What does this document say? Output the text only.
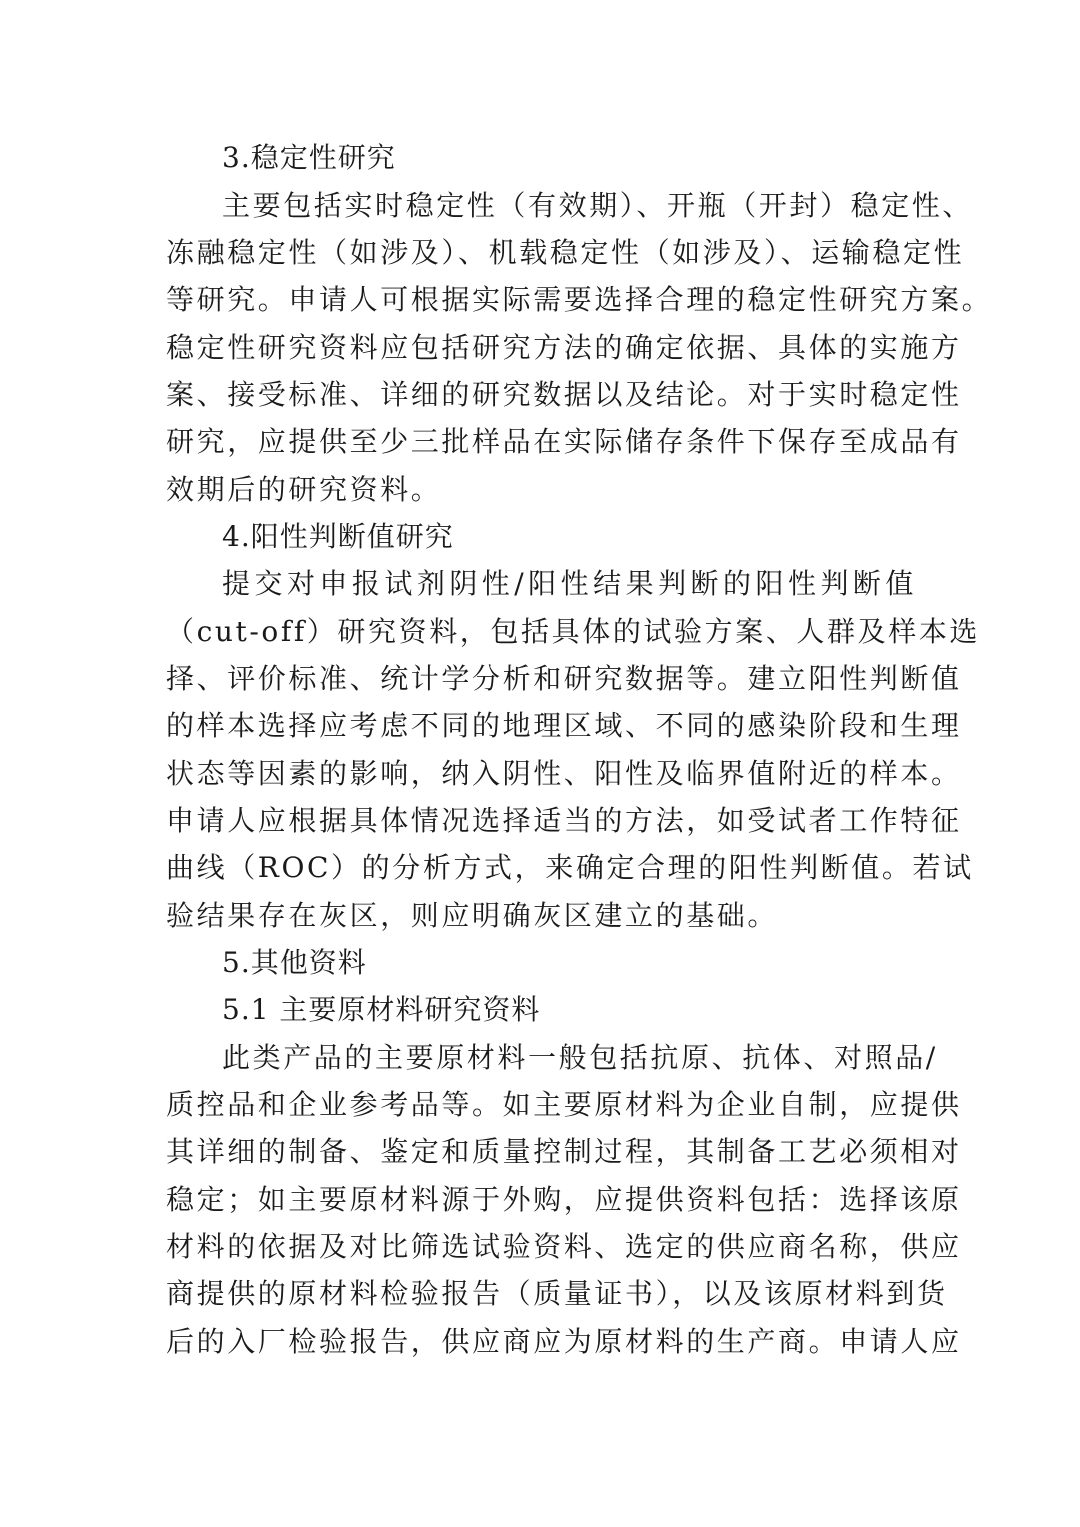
3.稳定性研究
主要包括实时稳定性（有效期）、开瓶（开封）稳定性、
冻融稳定性（如涉及）、机载稳定性（如涉及）、运输稳定性
等研究。申请人可根据实际需要选择合理的稳定性研究方案。
稳定性研究资料应包括研究方法的确定依据、具体的实施方
案、接受标准、详细的研究数据以及结论。对于实时稳定性
研究，应提供至少三批样品在实际储存条件下保存至成品有
效期后的研究资料。
4.阳性判断值研究
提交对申报试剂阴性/阳性结果判断的阳性判断值
（cut-off）研究资料，包括具体的试验方案、人群及样本选
择、评价标准、统计学分析和研究数据等。建立阳性判断值
的样本选择应考虑不同的地理区域、不同的感染阶段和生理
状态等因素的影响，纳入阴性、阳性及临界值附近的样本。
申请人应根据具体情况选择适当的方法，如受试者工作特征
曲线（ROC）的分析方式，来确定合理的阳性判断值。若试
验结果存在灰区，则应明确灰区建立的基础。
5.其他资料
5.1 主要原材料研究资料
此类产品的主要原材料一般包括抗原、抗体、对照品/
质控品和企业参考品等。如主要原材料为企业自制，应提供
其详细的制备、鉴定和质量控制过程，其制备工艺必须相对
稳定；如主要原材料源于外购，应提供资料包括：选择该原
材料的依据及对比筛选试验资料、选定的供应商名称，供应
商提供的原材料检验报告（质量证书），以及该原材料到货
后的入厂检验报告，供应商应为原材料的生产商。申请人应
